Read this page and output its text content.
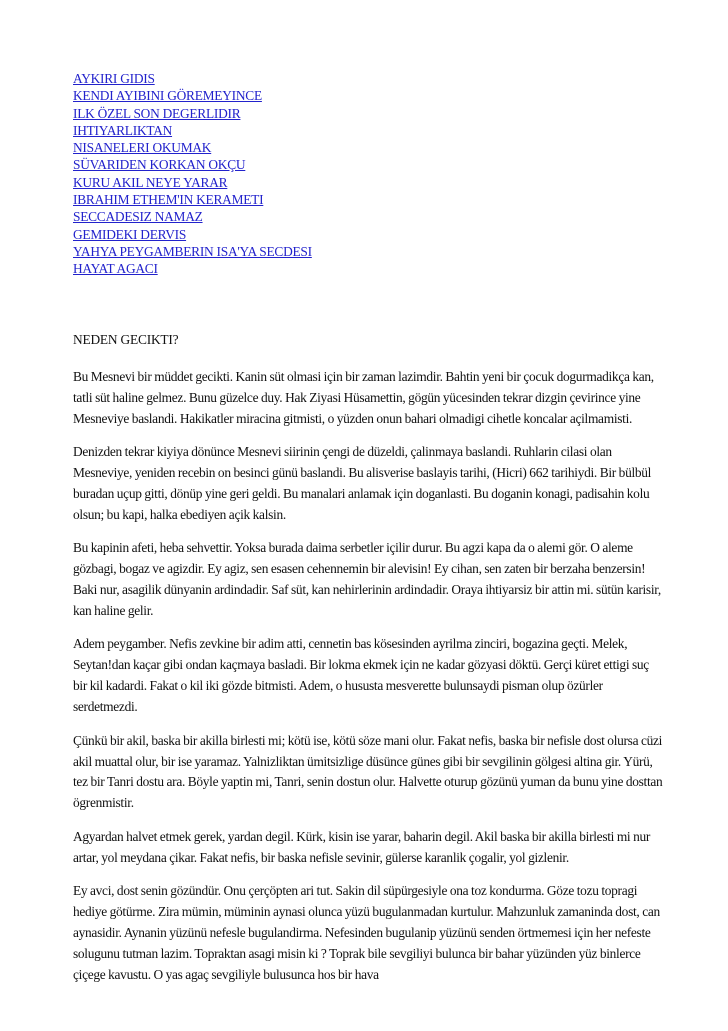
AYKIRI GIDIS
KENDI AYIBINI GÖREMEYINCE
ILK ÖZEL SON DEGERLIDIR
IHTIYARLIKTAN
NISANELERI OKUMAK
SÜVARIDEN KORKAN OKÇU
KURU AKIL NEYE YARAR
IBRAHIM ETHEM'IN KERAMETI
SECCADESIZ NAMAZ
GEMIDEKI DERVIS
YAHYA PEYGAMBERIN ISA'YA SECDESI
HAYAT AGACI
NEDEN GECIKTI?

Bu Mesnevi bir müddet gecikti. Kanin süt olmasi için bir zaman lazimdir. Bahtin yeni bir çocuk dogurmadikça kan, tatli süt haline gelmez. Bunu güzelce duy. Hak Ziyasi Hüsamettin, gögün yücesinden tekrar dizgin çevirince yine Mesneviye baslandi. Hakikatler miracina gitmisti, o yüzden onun bahari olmadigi cihetle koncalar açilmamisti.

Denizden tekrar kiyiya dönünce Mesnevi siirinin çengi de düzeldi, çalinmaya baslandi. Ruhlarin cilasi olan Mesneviye, yeniden recebin on besinci günü baslandi. Bu alisverise baslayis tarihi, (Hicri) 662 tarihiydi. Bir bülbül buradan uçup gitti, dönüp yine geri geldi. Bu manalari anlamak için doganlasti. Bu doganin konagi, padisahin kolu olsun; bu kapi, halka ebediyen açik kalsin.

Bu kapinin afeti, heba sehvettir. Yoksa burada daima serbetler içilir durur. Bu agzi kapa da o alemi gör. O aleme gözbagi, bogaz ve agizdir. Ey agiz, sen esasen cehennemin bir alevisin! Ey cihan, sen zaten bir berzaha benzersin! Baki nur, asagilik dünyanin ardindadir. Saf süt, kan nehirlerinin ardindadir. Oraya ihtiyarsiz bir attin mi. sütün karisir, kan haline gelir.

Adem peygamber. Nefis zevkine bir adim atti, cennetin bas kösesinden ayrilma zinciri, bogazina geçti. Melek, Seytan!dan kaçar gibi ondan kaçmaya basladi. Bir lokma ekmek için ne kadar gözyasi döktü. Gerçi küret ettigi suç bir kil kadardi. Fakat o kil iki gözde bitmisti. Adem, o hususta mesverette bulunsaydi pisman olup özürler serdetmezdi.

Çünkü bir akil, baska bir akilla birlesti mi; kötü ise, kötü söze mani olur. Fakat nefis, baska bir nefisle dost olursa cüzi akil muattal olur, bir ise yaramaz. Yalnizliktan ümitsizlige düsünce günes gibi bir sevgilinin gölgesi altina gir. Yürü, tez bir Tanri dostu ara. Böyle yaptin mi, Tanri, senin dostun olur. Halvette oturup gözünü yuman da bunu yine dosttan ögrenmistir.

Agyardan halvet etmek gerek, yardan degil. Kürk, kisin ise yarar, baharin degil. Akil baska bir akilla birlesti mi nur artar, yol meydana çikar. Fakat nefis, bir baska nefisle sevinir, gülerse karanlik çogalir, yol gizlenir.

Ey avci, dost senin gözündür. Onu çerçöpten ari tut. Sakin dil süpürgesiyle ona toz kondurma. Göze tozu topragi hediye götürme. Zira mümin, müminin aynasi olunca yüzü bugulanmadan kurtulur. Mahzunluk zamaninda dost, can aynasidir. Aynanin yüzünü nefesle bugulandirma. Nefesinden bugulanip yüzünü senden örtmemesi için her nefeste solugunu tutman lazim. Topraktan asagi misin ki ? Toprak bile sevgiliyi bulunca bir bahar yüzünden yüz binlerce çiçege kavustu. O yas agaç sevgiliyle bulusunca hos bir hava
